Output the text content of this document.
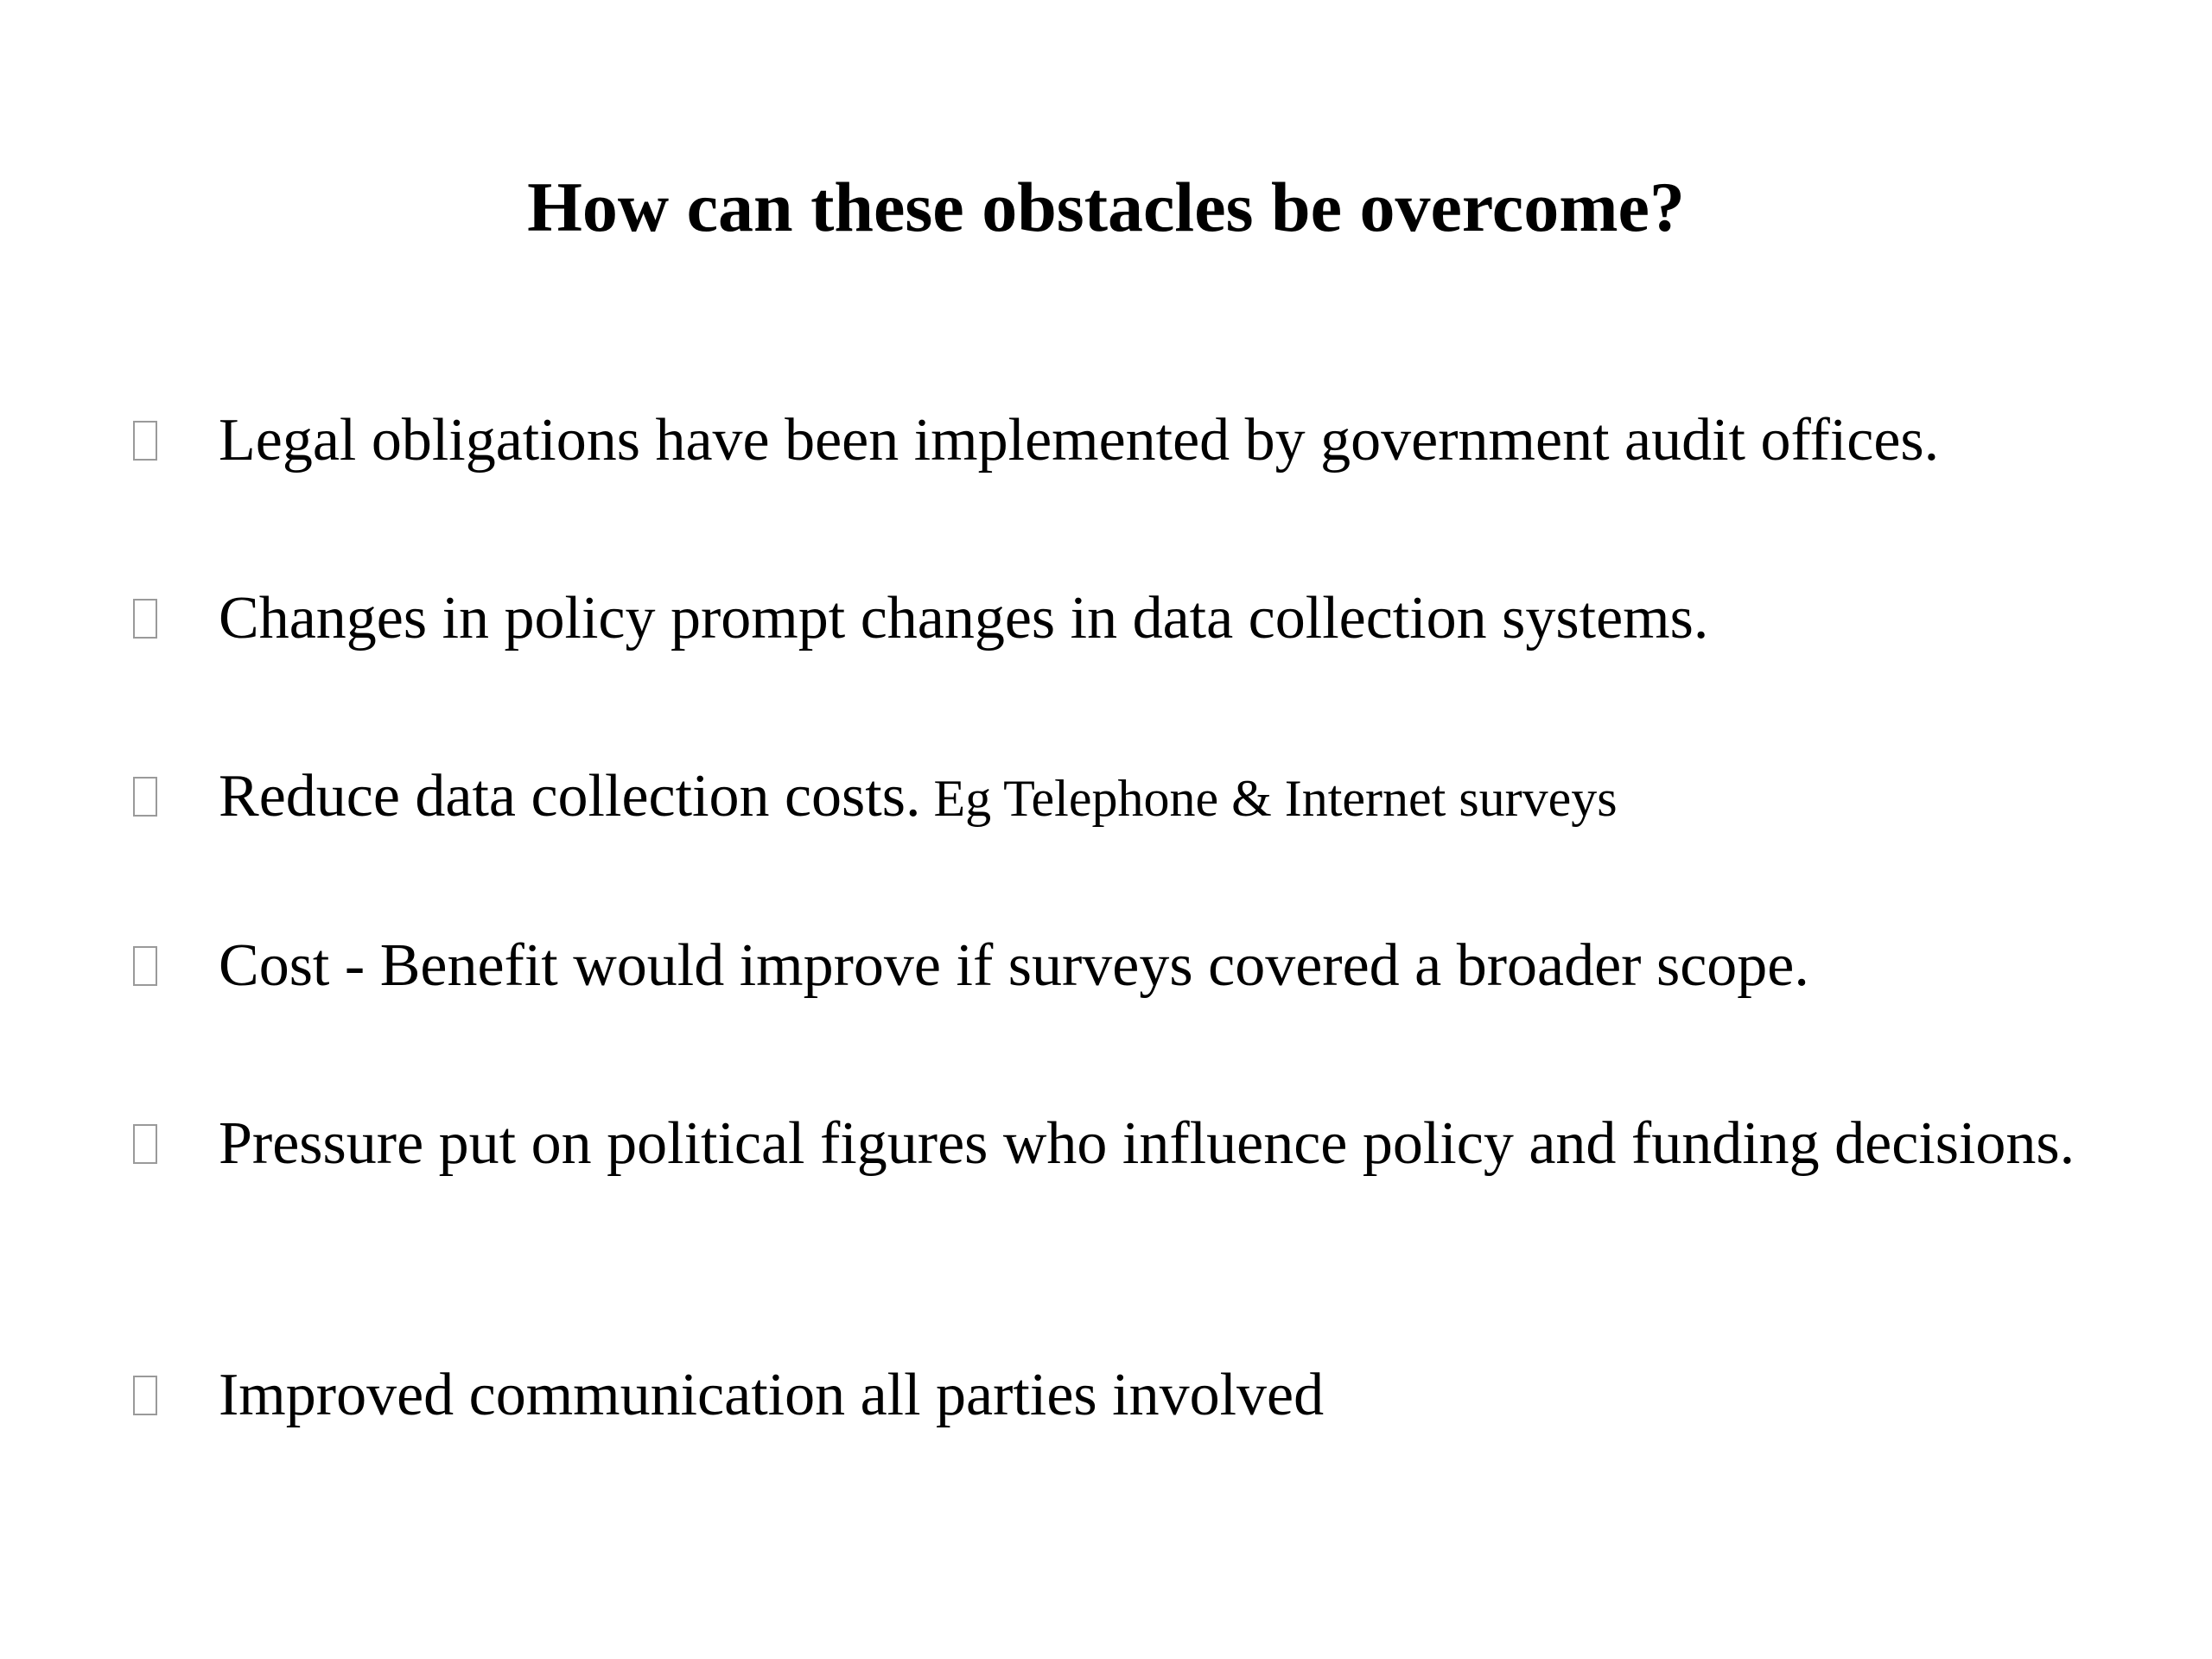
How can these obstacles be overcome?
Legal obligations have been implemented by government audit offices.
Changes in policy prompt changes in data collection systems.
Reduce data collection costs. Eg Telephone & Internet surveys
Cost - Benefit would improve if surveys covered a broader scope.
Pressure put on political figures who influence policy and funding decisions.
Improved communication all parties involved
